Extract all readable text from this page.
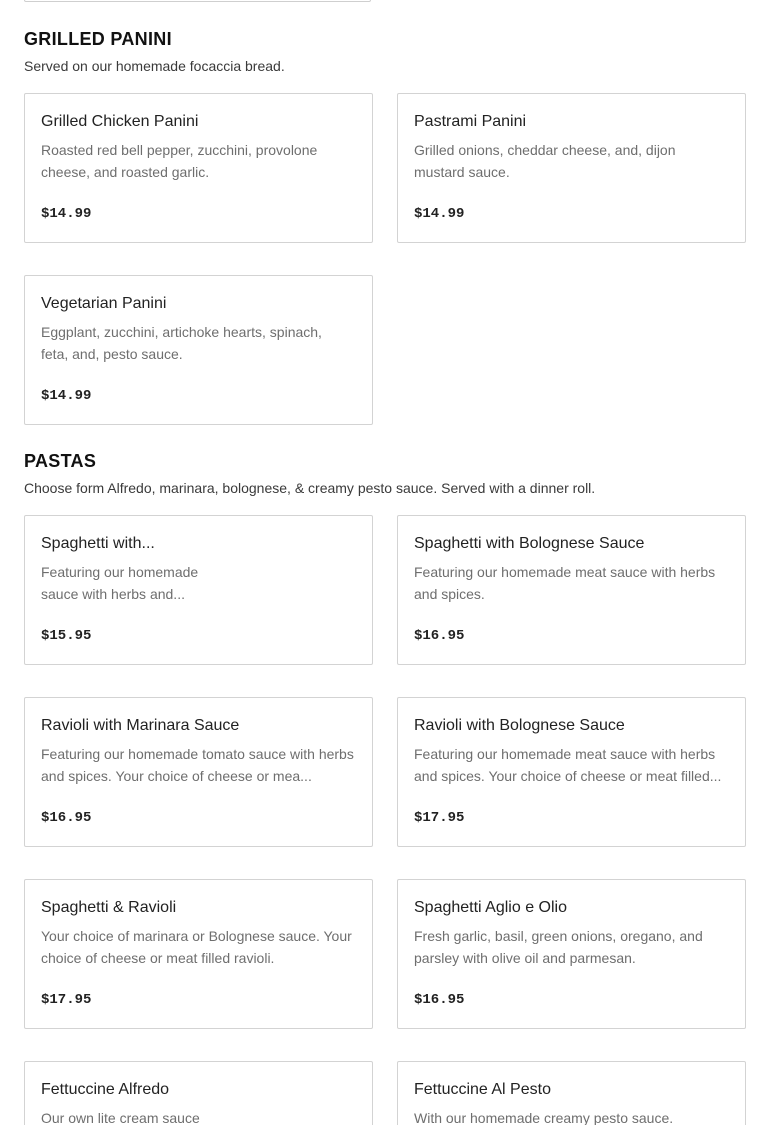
GRILLED PANINI

Served on our homemade focaccia bread.

Grilled Chicken Panini
Roasted red bell pepper, zucchini, provolone cheese, and roasted garlic.
$14.99
Pastrami Panini
Grilled onions, cheddar cheese, and, dijon mustard sauce.
$14.99
Vegetarian Panini
Eggplant, zucchini, artichoke hearts, spinach, feta, and, pesto sauce.
$14.99
PASTAS

Choose form Alfredo, marinara, bolognese, & creamy pesto sauce. Served with a dinner roll.

Spaghetti with...
Featuring our homemade sauce with herbs and...
$15.95
Spaghetti with Bolognese Sauce
Featuring our homemade meat sauce with herbs and spices.
$16.95
Ravioli with Marinara Sauce
Featuring our homemade tomato sauce with herbs and spices. Your choice of cheese or mea...
$16.95
Ravioli with Bolognese Sauce
Featuring our homemade meat sauce with herbs and spices. Your choice of cheese or meat filled...
$17.95
Spaghetti & Ravioli
Your choice of marinara or Bolognese sauce. Your choice of cheese or meat filled ravioli.
$17.95
Spaghetti Aglio e Olio
Fresh garlic, basil, green onions, oregano, and parsley with olive oil and parmesan.
$16.95
Fettuccine Alfredo
Our own lite cream sauce
Fettuccine Al Pesto
With our homemade creamy pesto sauce.
